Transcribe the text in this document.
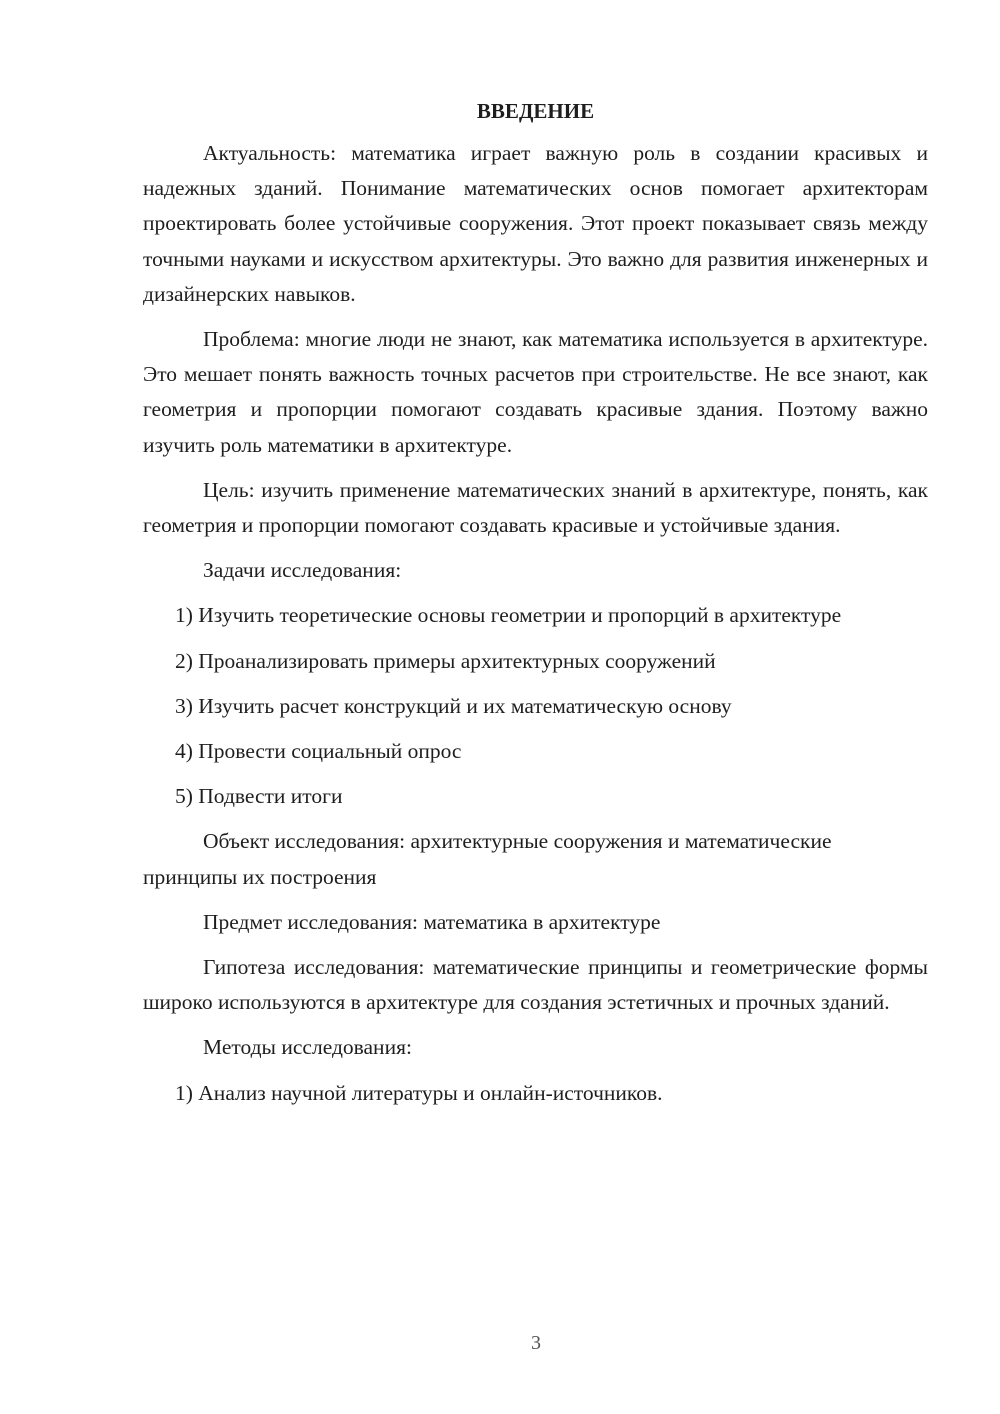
ВВЕДЕНИЕ

Актуальность: математика играет важную роль в создании красивых и надежных зданий. Понимание математических основ помогает архитекторам проектировать более устойчивые сооружения. Этот проект показывает связь между точными науками и искусством архитектуры. Это важно для развития инженерных и дизайнерских навыков.

Проблема: многие люди не знают, как математика используется в архитектуре. Это мешает понять важность точных расчетов при строительстве. Не все знают, как геометрия и пропорции помогают создавать красивые здания. Поэтому важно изучить роль математики в архитектуре.

Цель: изучить применение математических знаний в архитектуре, понять, как геометрия и пропорции помогают создавать красивые и устойчивые здания.

Задачи исследования:

1) Изучить теоретические основы геометрии и пропорций в архитектуре

2) Проанализировать примеры архитектурных сооружений

3) Изучить расчет конструкций и их математическую основу

4) Провести социальный опрос

5) Подвести итоги

Объект исследования: архитектурные сооружения и математические принципы их построения

Предмет исследования: математика в архитектуре

Гипотеза исследования: математические принципы и геометрические формы широко используются в архитектуре для создания эстетичных и прочных зданий.

Методы исследования:

1) Анализ научной литературы и онлайн-источников.

3
